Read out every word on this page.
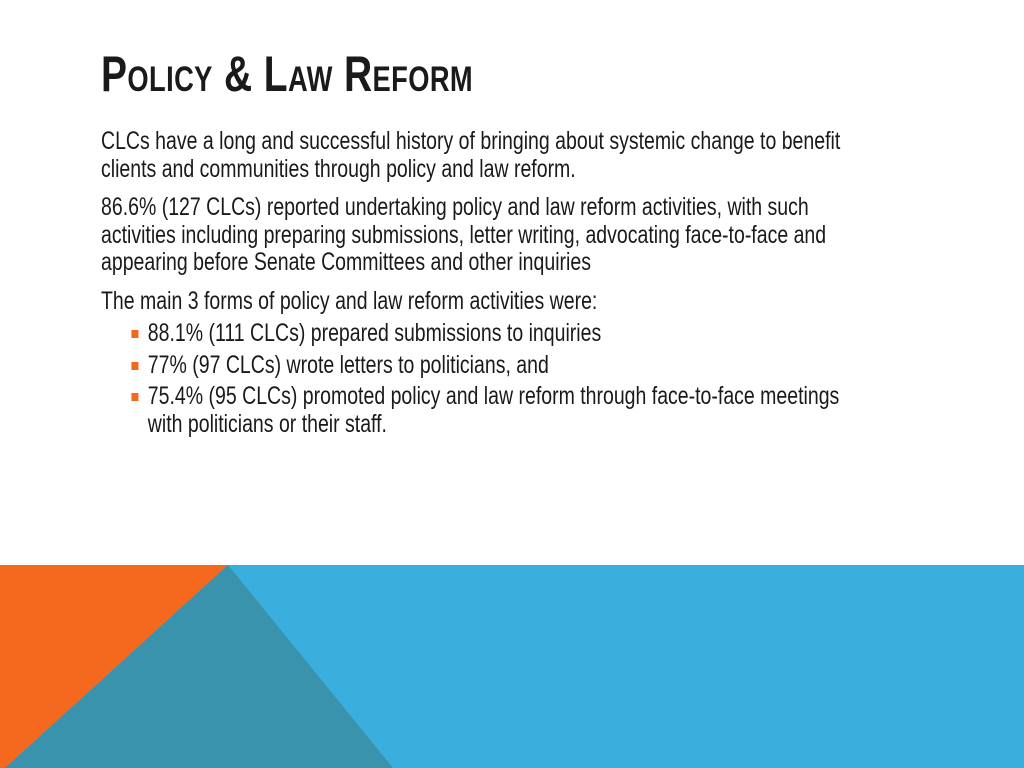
Policy & Law Reform
CLCs have a long and successful history of bringing about systemic change to benefit
clients and communities through policy and law reform.
86.6% (127 CLCs) reported undertaking policy and law reform activities, with such
activities including preparing submissions, letter writing, advocating face-to-face and
appearing before Senate Committees and other inquiries
The main 3 forms of policy and law reform activities were:
88.1% (111 CLCs) prepared submissions to inquiries
77% (97 CLCs) wrote letters to politicians, and
75.4% (95 CLCs) promoted policy and law reform through face-to-face meetings
with politicians or their staff.
